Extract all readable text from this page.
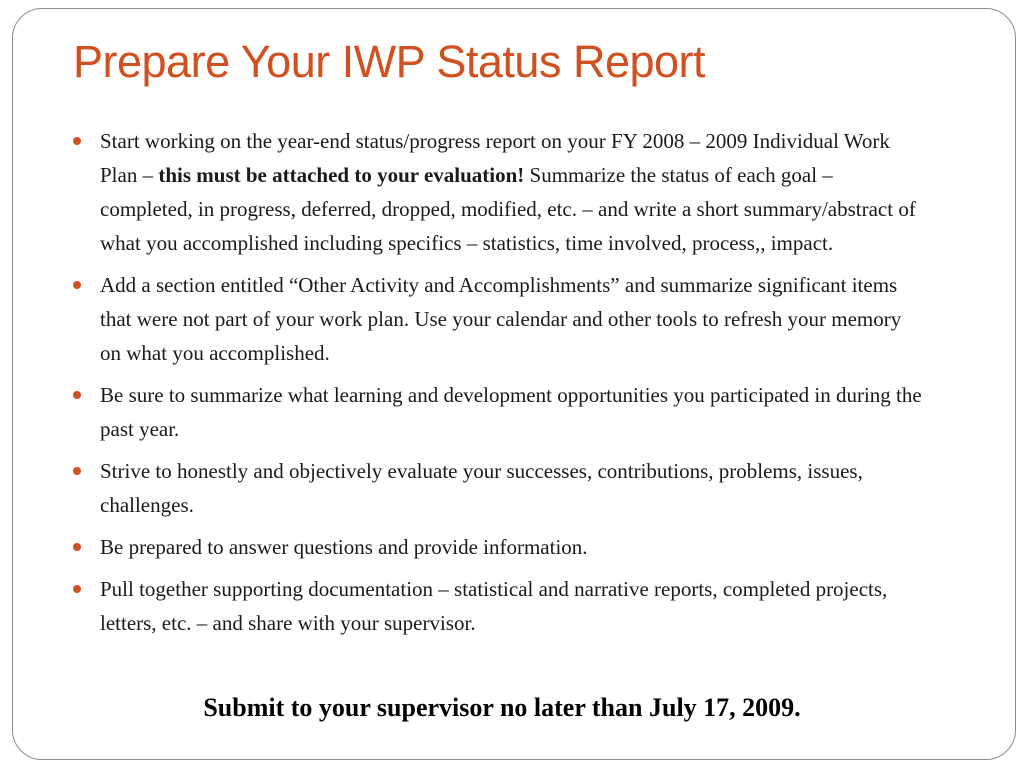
Prepare Your IWP Status Report
Start working on the year-end status/progress report on your FY 2008 – 2009 Individual Work Plan – this must be attached to your evaluation! Summarize the status of each goal – completed, in progress, deferred, dropped, modified, etc. – and write a short summary/abstract of what you accomplished including specifics – statistics, time involved, process,, impact.
Add a section entitled “Other Activity and Accomplishments” and summarize significant items that were not part of your work plan. Use your calendar and other tools to refresh your memory on what you accomplished.
Be sure to summarize what learning and development opportunities you participated in during the past year.
Strive to honestly and objectively evaluate your successes, contributions, problems, issues, challenges.
Be prepared to answer questions and provide information.
Pull together supporting documentation – statistical and narrative reports, completed projects, letters, etc. – and share with your supervisor.

Submit to your supervisor no later than July 17, 2009.
